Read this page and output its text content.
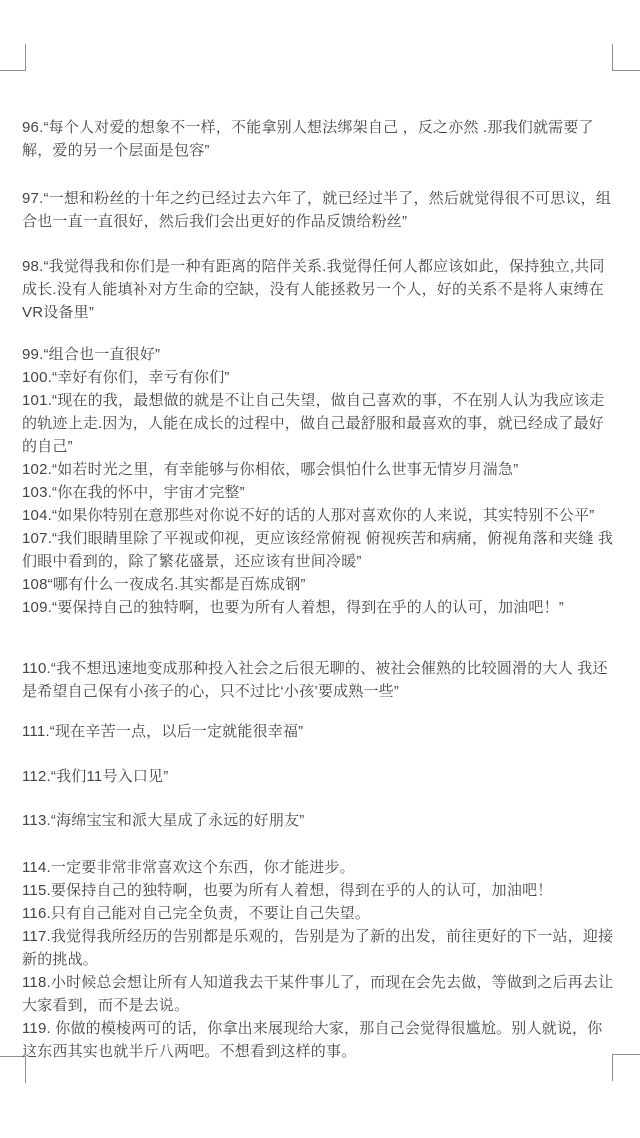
96.“每个人对爱的想象不一样，不能拿别人想法绑架自己 ，反之亦然 .那我们就需要了解，爱的另一个层面是包容”

97.“一想和粉丝的十年之约已经过去六年了，就已经过半了，然后就觉得很不可思议，组合也一直一直很好，然后我们会出更好的作品反馈给粉丝”

98.“我觉得我和你们是一种有距离的陪伴关系.我觉得任何人都应该如此，保持独立,共同成长.没有人能填补对方生命的空缺，没有人能拯救另一个人，好的关系不是将人束缚在VR设备里”

99.“组合也一直很好”

100.“幸好有你们，幸亏有你们”

101.“现在的我，最想做的就是不让自己失望，做自己喜欢的事，不在别人认为我应该走的轨迹上走.因为，人能在成长的过程中，做自己最舒服和最喜欢的事，就已经成了最好的自己”

102.“如若时光之里，有幸能够与你相依，哪会惧怕什么世事无情岁月湍急”

103.“你在我的怀中，宇宙才完整”

104.“如果你特别在意那些对你说不好的话的人那对喜欢你的人来说，其实特别不公平”

107.“我们眼睛里除了平视或仰视，更应该经常俯视 俯视疾苦和病痛，俯视角落和夹缝 我们眼中看到的，除了繁花盛景，还应该有世间冷暖”

108“哪有什么一夜成名.其实都是百炼成钢”

109.“要保持自己的独特啊，也要为所有人着想，得到在乎的人的认可，加油吧！”

110.“我不想迅速地变成那种投入社会之后很无聊的、被社会催熟的比较圆滑的大人 我还是希望自己保有小孩子的心，只不过比‘小孩’要成熟一些”

111.“现在辛苦一点，以后一定就能很幸福”

112.“我们11号入口见”

113.“海绵宝宝和派大星成了永远的好朋友”

114.一定要非常非常喜欢这个东西，你才能进步。

115.要保持自己的独特啊，也要为所有人着想，得到在乎的人的认可，加油吧！

116.只有自己能对自己完全负责，不要让自己失望。

117.我觉得我所经历的告别都是乐观的，告别是为了新的出发，前往更好的下一站，迎接新的挑战。

118.小时候总会想让所有人知道我去干某件事儿了，而现在会先去做，等做到之后再去让大家看到，而不是去说。

119. 你做的模棱两可的话，你拿出来展现给大家，那自己会觉得很尴尬。别人就说，你这东西其实也就半斤八两吧。不想看到这样的事。
